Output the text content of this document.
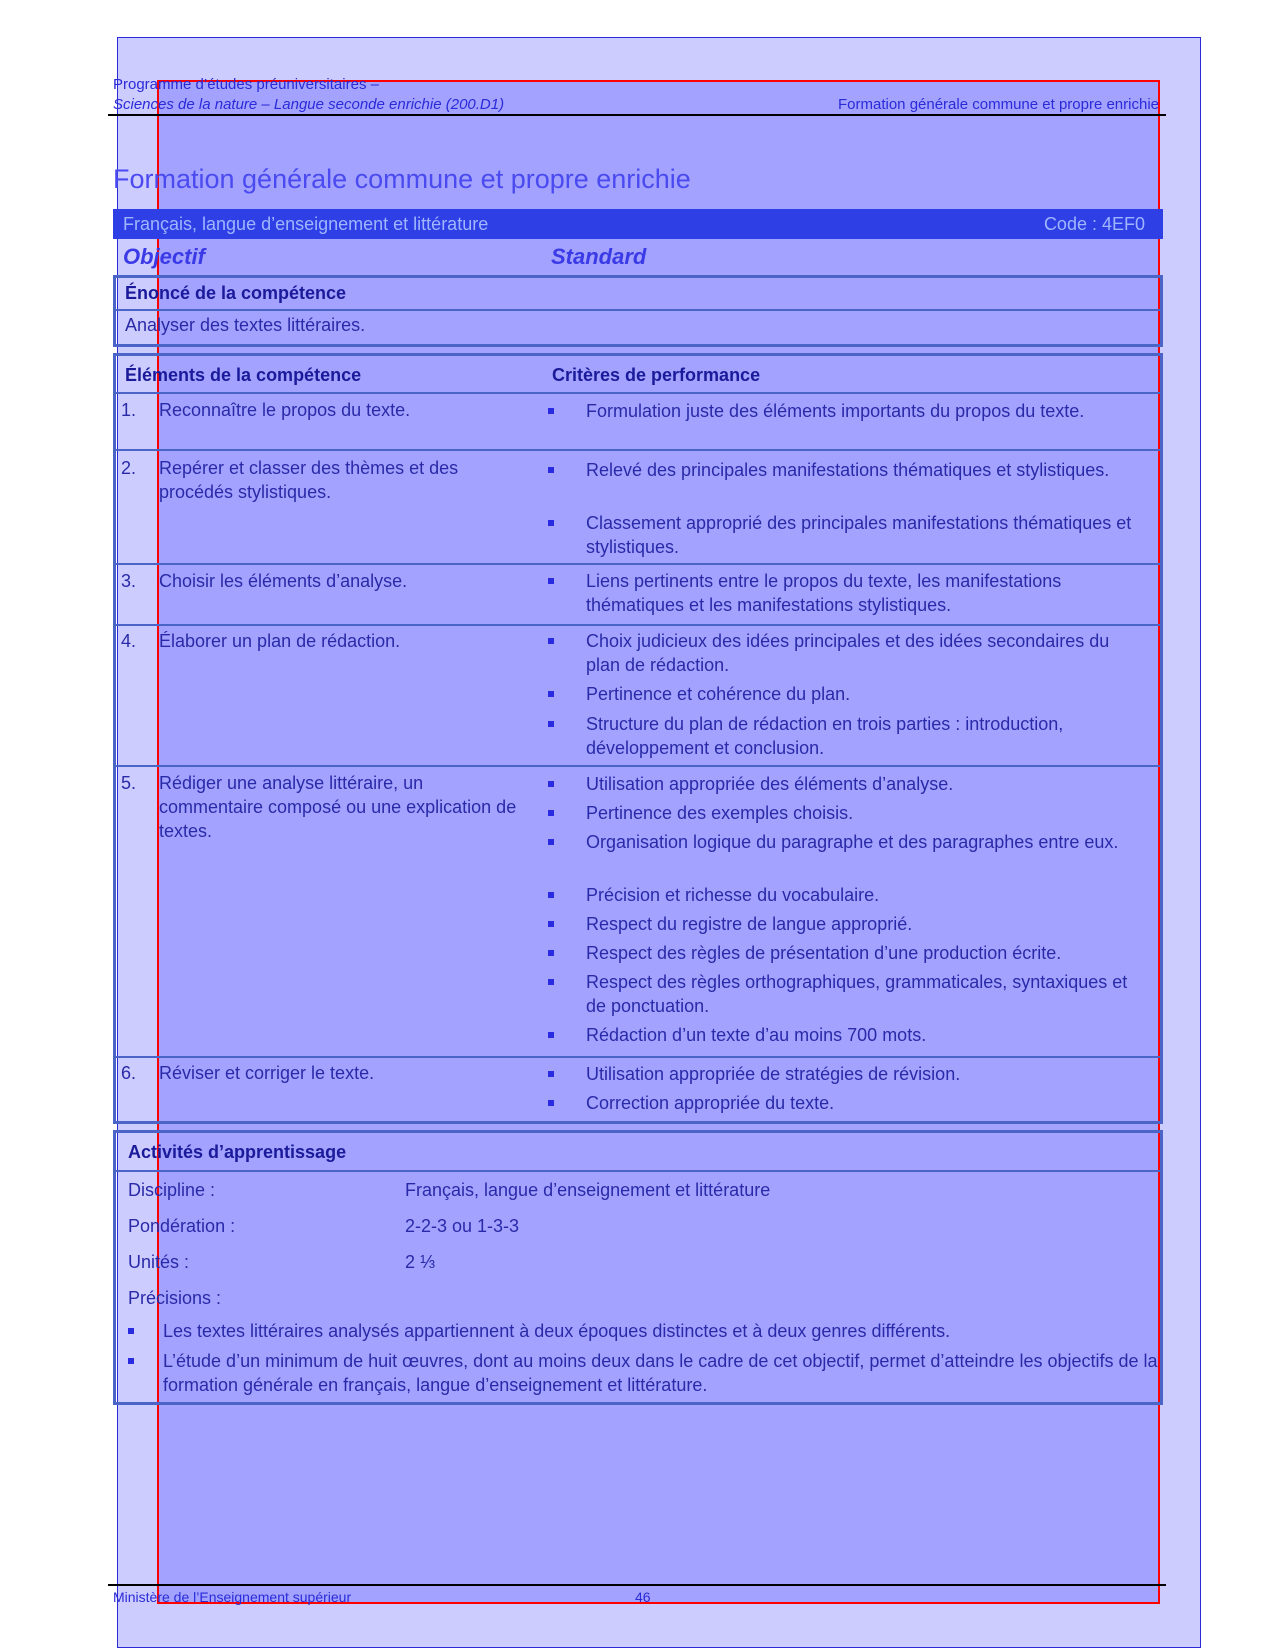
Programme d’études préuniversitaires –
Sciences de la nature – Langue seconde enrichie (200.D1)	Formation générale commune et propre enrichie
Formation générale commune et propre enrichie
Français, langue d’enseignement et littérature	Code : 4EF0
Objectif	Standard
Énoncé de la compétence
Analyser des textes littéraires.
Éléments de la compétence	Critères de performance
1. Reconnaître le propos du texte.	Formulation juste des éléments importants du propos du texte.
2. Repérer et classer des thèmes et des procédés stylistiques.
Relevé des principales manifestations thématiques et stylistiques.
Classement approprié des principales manifestations thématiques et stylistiques.
3. Choisir les éléments d’analyse.	Liens pertinents entre le propos du texte, les manifestations thématiques et les manifestations stylistiques.
4. Élaborer un plan de rédaction.	Choix judicieux des idées principales et des idées secondaires du plan de rédaction.
Pertinence et cohérence du plan.
Structure du plan de rédaction en trois parties : introduction, développement et conclusion.
5. Rédiger une analyse littéraire, un commentaire composé ou une explication de textes.
Utilisation appropriée des éléments d’analyse.
Pertinence des exemples choisis.
Organisation logique du paragraphe et des paragraphes entre eux.
Précision et richesse du vocabulaire.
Respect du registre de langue approprié.
Respect des règles de présentation d’une production écrite.
Respect des règles orthographiques, grammaticales, syntaxiques et de ponctuation.
Rédaction d’un texte d’au moins 700 mots.
6. Réviser et corriger le texte.	Utilisation appropriée de stratégies de révision.
Correction appropriée du texte.
Activités d’apprentissage
Discipline :	Français, langue d’enseignement et littérature
Pondération :	2-2-3 ou 1-3-3
Unités :	2 ⅓
Précisions :
Les textes littéraires analysés appartiennent à deux époques distinctes et à deux genres différents.
L’étude d’un minimum de huit œuvres, dont au moins deux dans le cadre de cet objectif, permet d’atteindre les objectifs de la formation générale en français, langue d’enseignement et littérature.
Ministère de l’Enseignement supérieur	46
